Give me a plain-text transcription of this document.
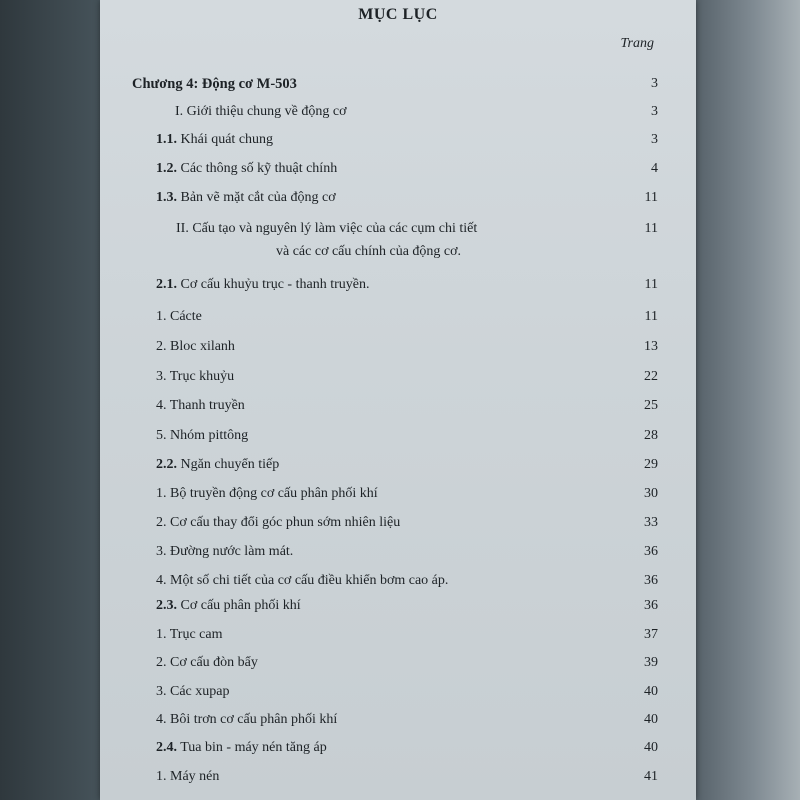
MỤC LỤC
Trang
Chương 4: Động cơ M-503	3
I. Giới thiệu chung về động cơ	3
1.1. Khái quát chung	3
1.2. Các thông số kỹ thuật chính	4
1.3. Bản vẽ mặt cắt của động cơ	11
II. Cấu tạo và nguyên lý làm việc của các cụm chi tiết	11
và các cơ cấu chính của động cơ.
2.1. Cơ cấu khuỷu trục - thanh truyền.	11
1. Cácte	11
2. Bloc xilanh	13
3. Trục khuỷu	22
4. Thanh truyền	25
5. Nhóm pittông	28
2.2. Ngăn chuyển tiếp	29
1. Bộ truyền động cơ cấu phân phối khí	30
2. Cơ cấu thay đổi góc phun sớm nhiên liệu	33
3. Đường nước làm mát.	36
4. Một số chi tiết của cơ cấu điều khiển bơm cao áp.	36
2.3. Cơ cấu phân phối khí	36
1. Trục cam	37
2. Cơ cấu đòn bẩy	39
3. Các xupap	40
4. Bôi trơn cơ cấu phân phối khí	40
2.4. Tua bin - máy nén tăng áp	40
1. Máy nén	41
